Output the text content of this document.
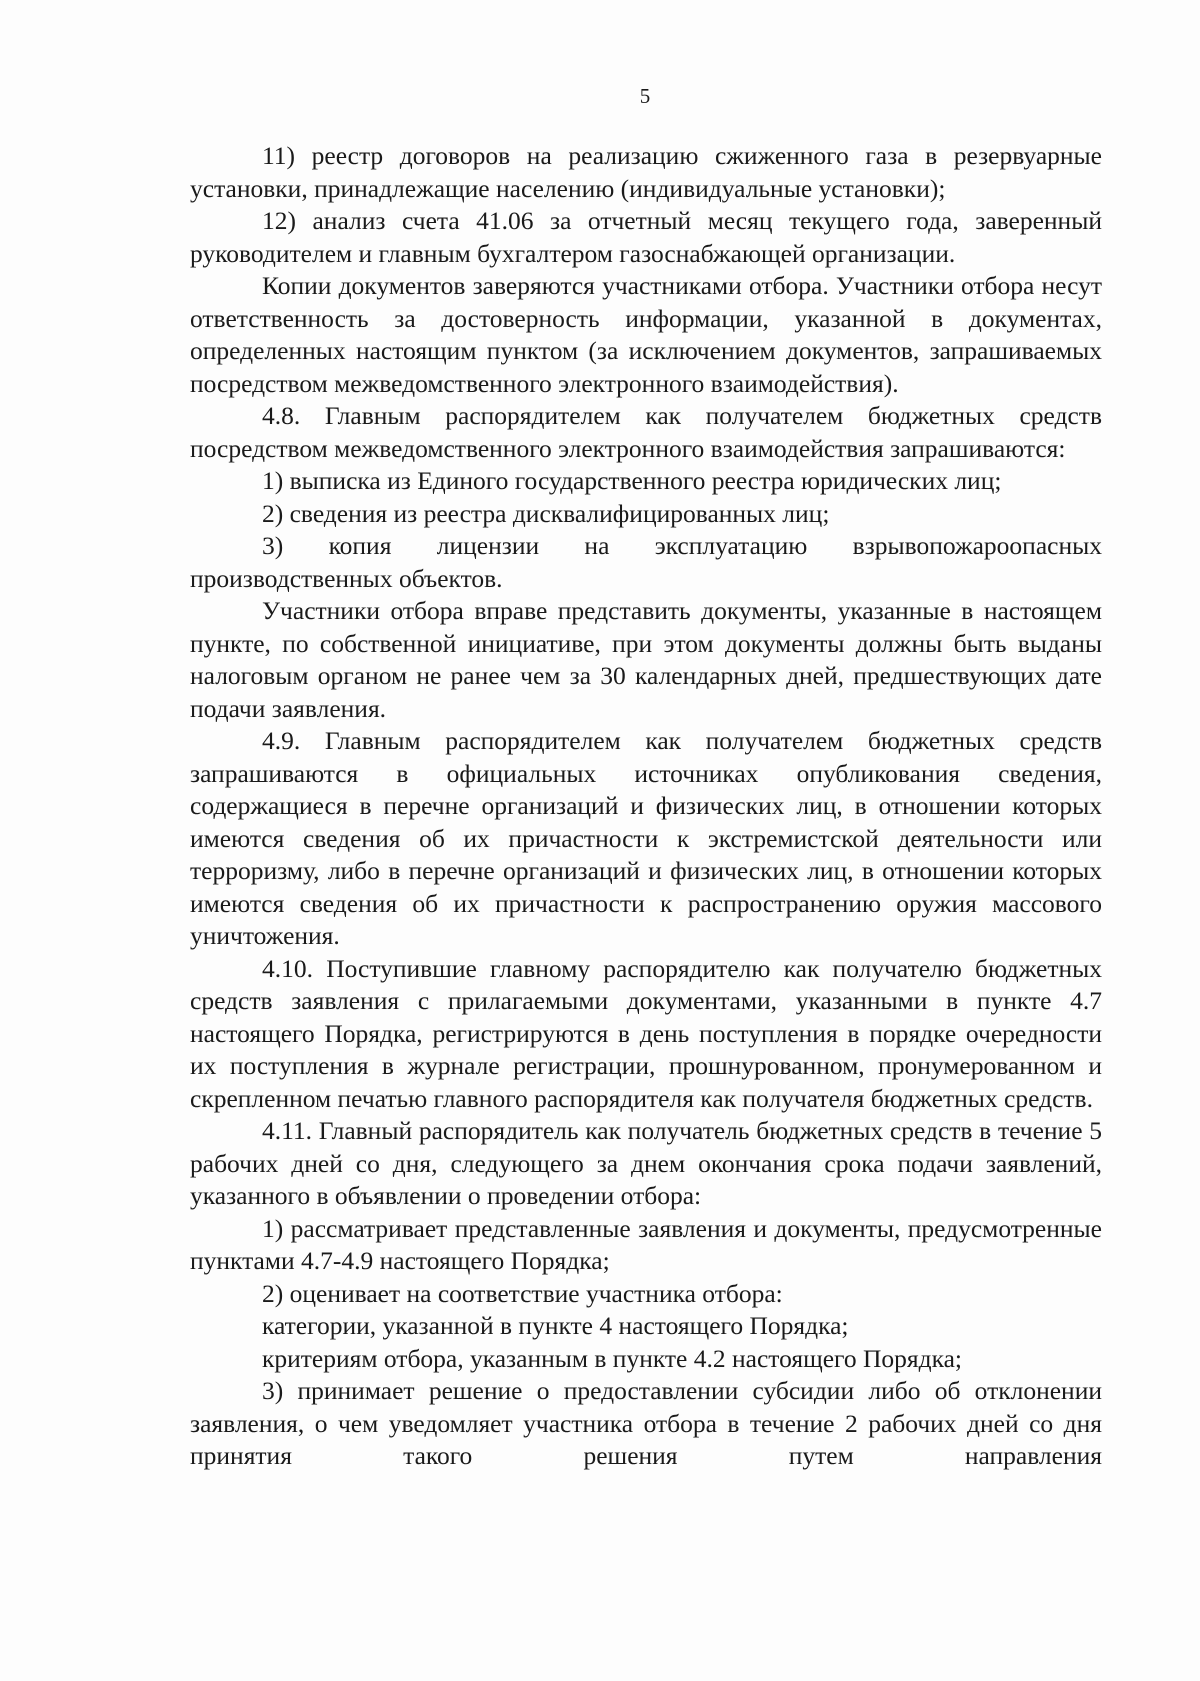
5

11) реестр договоров на реализацию сжиженного газа в резервуарные установки, принадлежащие населению (индивидуальные установки);

12) анализ счета 41.06 за отчетный месяц текущего года, заверенный руководителем и главным бухгалтером газоснабжающей организации.

Копии документов заверяются участниками отбора. Участники отбора несут ответственность за достоверность информации, указанной в документах, определенных настоящим пунктом (за исключением документов, запрашиваемых посредством межведомственного электронного взаимодействия).

4.8. Главным распорядителем как получателем бюджетных средств посредством межведомственного электронного взаимодействия запрашиваются:

1) выписка из Единого государственного реестра юридических лиц;

2) сведения из реестра дисквалифицированных лиц;

3) копия лицензии на эксплуатацию взрывопожароопасных производственных объектов.

Участники отбора вправе представить документы, указанные в настоящем пункте, по собственной инициативе, при этом документы должны быть выданы налоговым органом не ранее чем за 30 календарных дней, предшествующих дате подачи заявления.

4.9. Главным распорядителем как получателем бюджетных средств запрашиваются в официальных источниках опубликования сведения, содержащиеся в перечне организаций и физических лиц, в отношении которых имеются сведения об их причастности к экстремистской деятельности или терроризму, либо в перечне организаций и физических лиц, в отношении которых имеются сведения об их причастности к распространению оружия массового уничтожения.

4.10. Поступившие главному распорядителю как получателю бюджетных средств заявления с прилагаемыми документами, указанными в пункте 4.7 настоящего Порядка, регистрируются в день поступления в порядке очередности их поступления в журнале регистрации, прошнурованном, пронумерованном и скрепленном печатью главного распорядителя как получателя бюджетных средств.

4.11. Главный распорядитель как получатель бюджетных средств в течение 5 рабочих дней со дня, следующего за днем окончания срока подачи заявлений, указанного в объявлении о проведении отбора:

1) рассматривает представленные заявления и документы, предусмотренные пунктами 4.7-4.9 настоящего Порядка;

2) оценивает на соответствие участника отбора:

категории, указанной в пункте 4 настоящего Порядка;

критериям отбора, указанным в пункте 4.2 настоящего Порядка;

3) принимает решение о предоставлении субсидии либо об отклонении заявления, о чем уведомляет участника отбора в течение 2 рабочих дней со дня принятия такого решения путем направления
